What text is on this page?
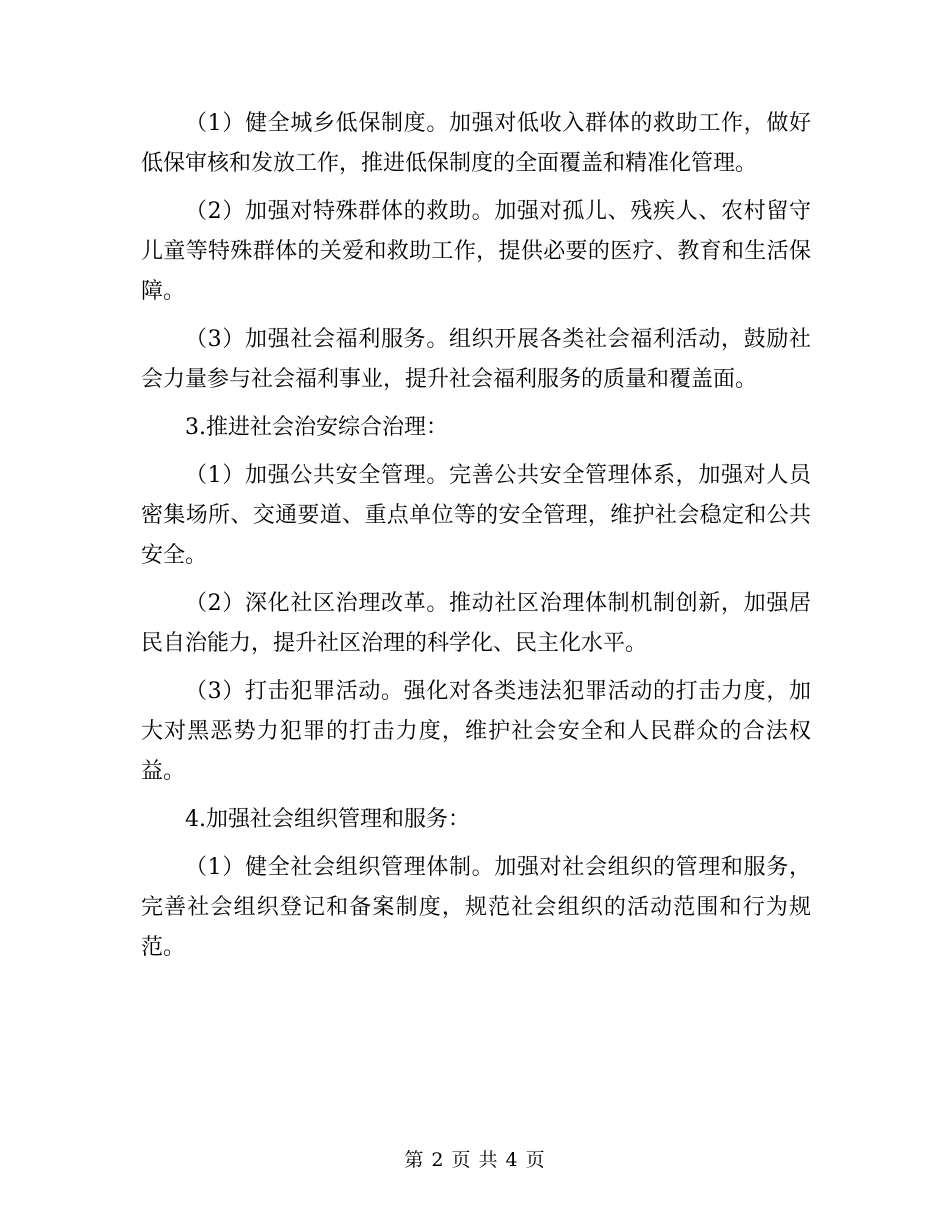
（1）健全城乡低保制度。加强对低收入群体的救助工作，做好低保审核和发放工作，推进低保制度的全面覆盖和精准化管理。

（2）加强对特殊群体的救助。加强对孤儿、残疾人、农村留守儿童等特殊群体的关爱和救助工作，提供必要的医疗、教育和生活保障。

（3）加强社会福利服务。组织开展各类社会福利活动，鼓励社会力量参与社会福利事业，提升社会福利服务的质量和覆盖面。

3.推进社会治安综合治理：

（1）加强公共安全管理。完善公共安全管理体系，加强对人员密集场所、交通要道、重点单位等的安全管理，维护社会稳定和公共安全。

（2）深化社区治理改革。推动社区治理体制机制创新，加强居民自治能力，提升社区治理的科学化、民主化水平。

（3）打击犯罪活动。强化对各类违法犯罪活动的打击力度，加大对黑恶势力犯罪的打击力度，维护社会安全和人民群众的合法权益。

4.加强社会组织管理和服务：

（1）健全社会组织管理体制。加强对社会组织的管理和服务，完善社会组织登记和备案制度，规范社会组织的活动范围和行为规范。

第 2 页 共 4 页
